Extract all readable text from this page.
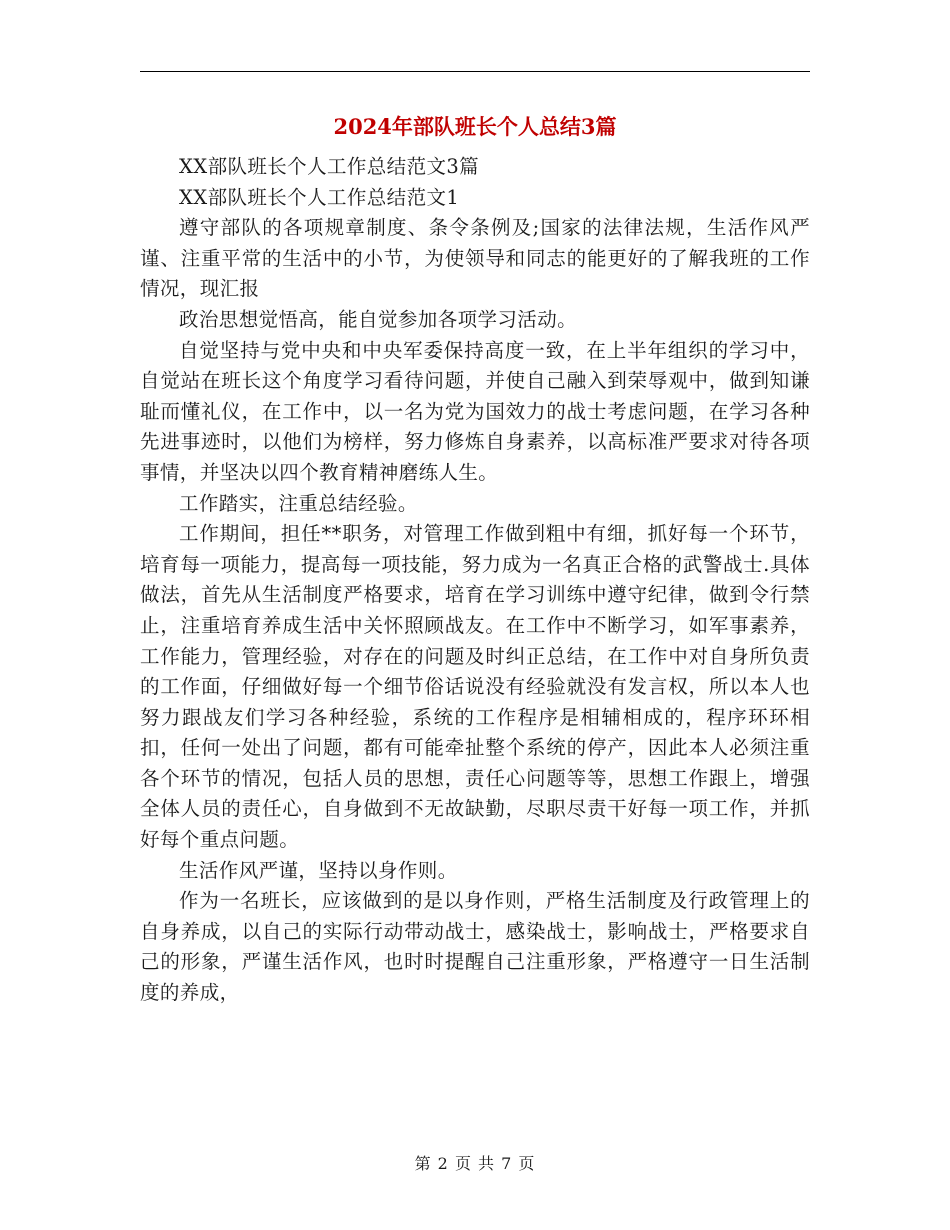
2024年部队班长个人总结3篇

XX部队班长个人工作总结范文3篇

XX部队班长个人工作总结范文1

遵守部队的各项规章制度、条令条例及;国家的法律法规，生活作风严谨、注重平常的生活中的小节，为使领导和同志的能更好的了解我班的工作情况，现汇报

政治思想觉悟高，能自觉参加各项学习活动。

自觉坚持与党中央和中央军委保持高度一致，在上半年组织的学习中，自觉站在班长这个角度学习看待问题，并使自己融入到荣辱观中，做到知谦耻而懂礼仪，在工作中，以一名为党为国效力的战士考虑问题，在学习各种先进事迹时，以他们为榜样，努力修炼自身素养，以高标准严要求对待各项事情，并坚决以四个教育精神磨练人生。

工作踏实，注重总结经验。

工作期间，担任**职务，对管理工作做到粗中有细，抓好每一个环节，培育每一项能力，提高每一项技能，努力成为一名真正合格的武警战士.具体做法，首先从生活制度严格要求，培育在学习训练中遵守纪律，做到令行禁止，注重培育养成生活中关怀照顾战友。在工作中不断学习，如军事素养，工作能力，管理经验，对存在的问题及时纠正总结，在工作中对自身所负责的工作面，仔细做好每一个细节俗话说没有经验就没有发言权，所以本人也努力跟战友们学习各种经验，系统的工作程序是相辅相成的，程序环环相扣，任何一处出了问题，都有可能牵扯整个系统的停产，因此本人必须注重各个环节的情况，包括人员的思想，责任心问题等等，思想工作跟上，增强全体人员的责任心，自身做到不无故缺勤，尽职尽责干好每一项工作，并抓好每个重点问题。

生活作风严谨，坚持以身作则。

作为一名班长，应该做到的是以身作则，严格生活制度及行政管理上的自身养成，以自己的实际行动带动战士，感染战士，影响战士，严格要求自己的形象，严谨生活作风，也时时提醒自己注重形象，严格遵守一日生活制度的养成，

第 2 页 共 7 页
